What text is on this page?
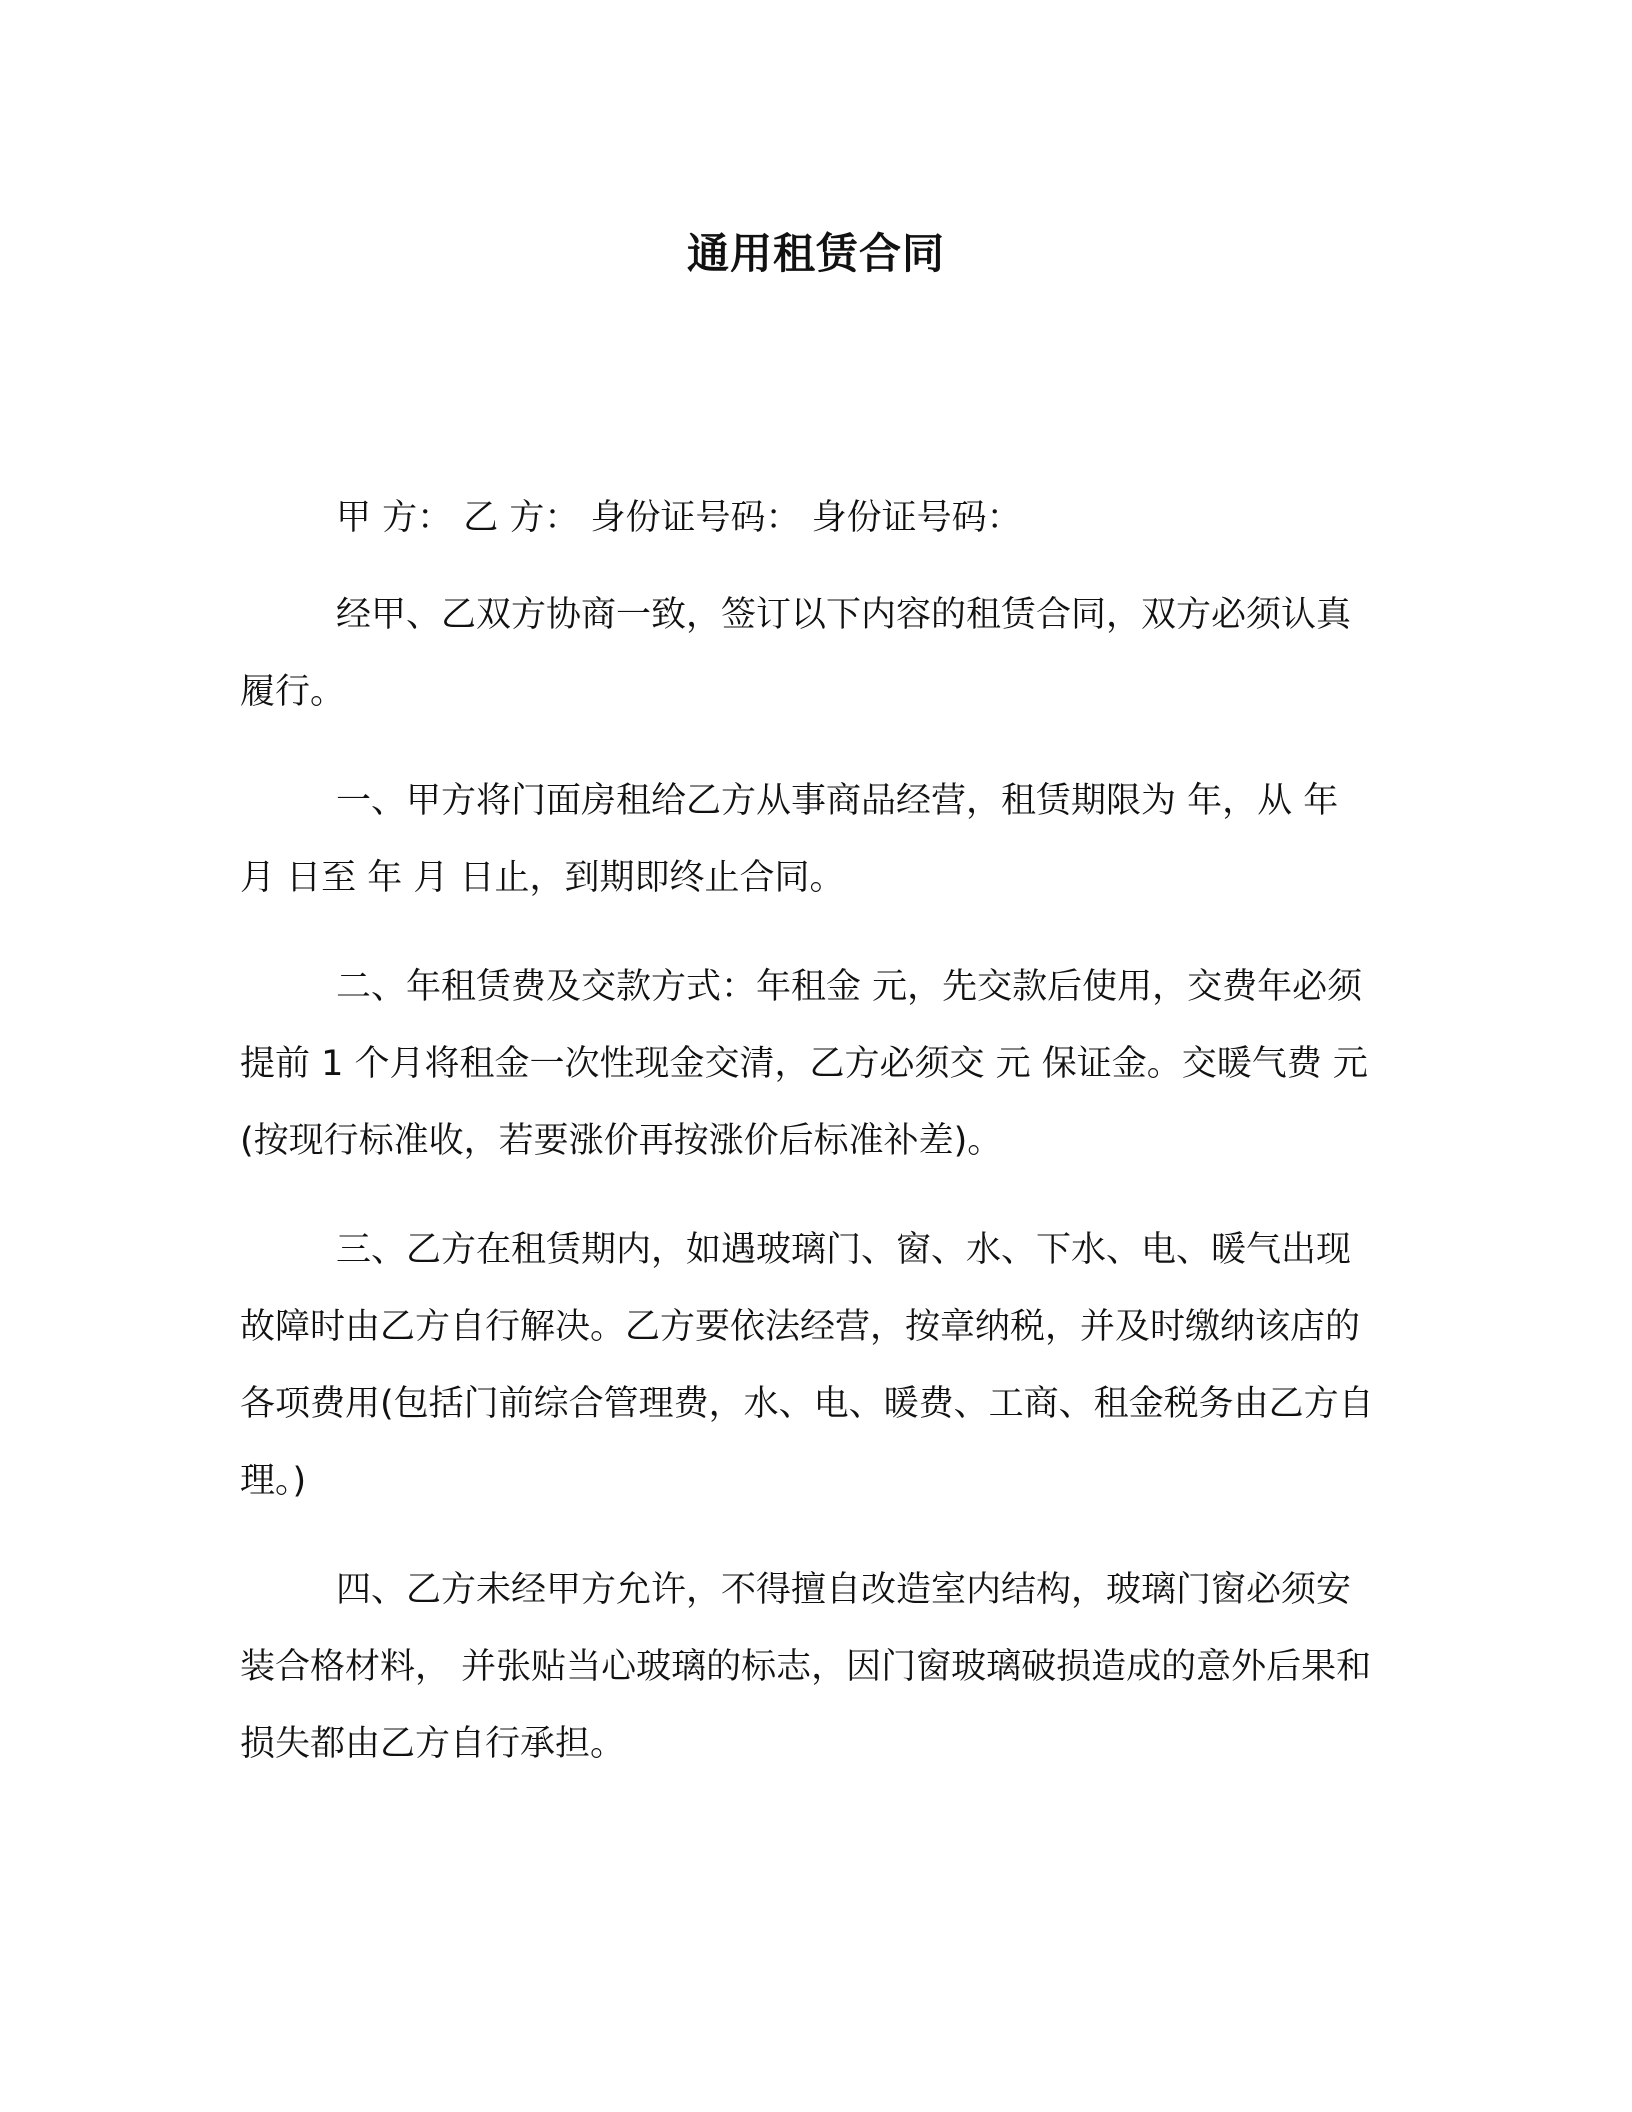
通用租赁合同

甲 方： 乙 方： 身份证号码： 身份证号码：

经甲、乙双方协商一致，签订以下内容的租赁合同，双方必须认真履行。

一、甲方将门面房租给乙方从事商品经营，租赁期限为 年，从 年 月 日至 年 月 日止，到期即终止合同。

二、年租赁费及交款方式：年租金 元，先交款后使用，交费年必须提前 1 个月将租金一次性现金交清，乙方必须交 元 保证金。交暖气费 元(按现行标准收，若要涨价再按涨价后标准补差)。

三、乙方在租赁期内，如遇玻璃门、窗、水、下水、电、暖气出现故障时由乙方自行解决。乙方要依法经营，按章纳税，并及时缴纳该店的各项费用(包括门前综合管理费，水、电、暖费、工商、租金税务由乙方自理。)

四、乙方未经甲方允许，不得擅自改造室内结构，玻璃门窗必须安装合格材料， 并张贴当心玻璃的标志，因门窗玻璃破损造成的意外后果和损失都由乙方自行承担。
